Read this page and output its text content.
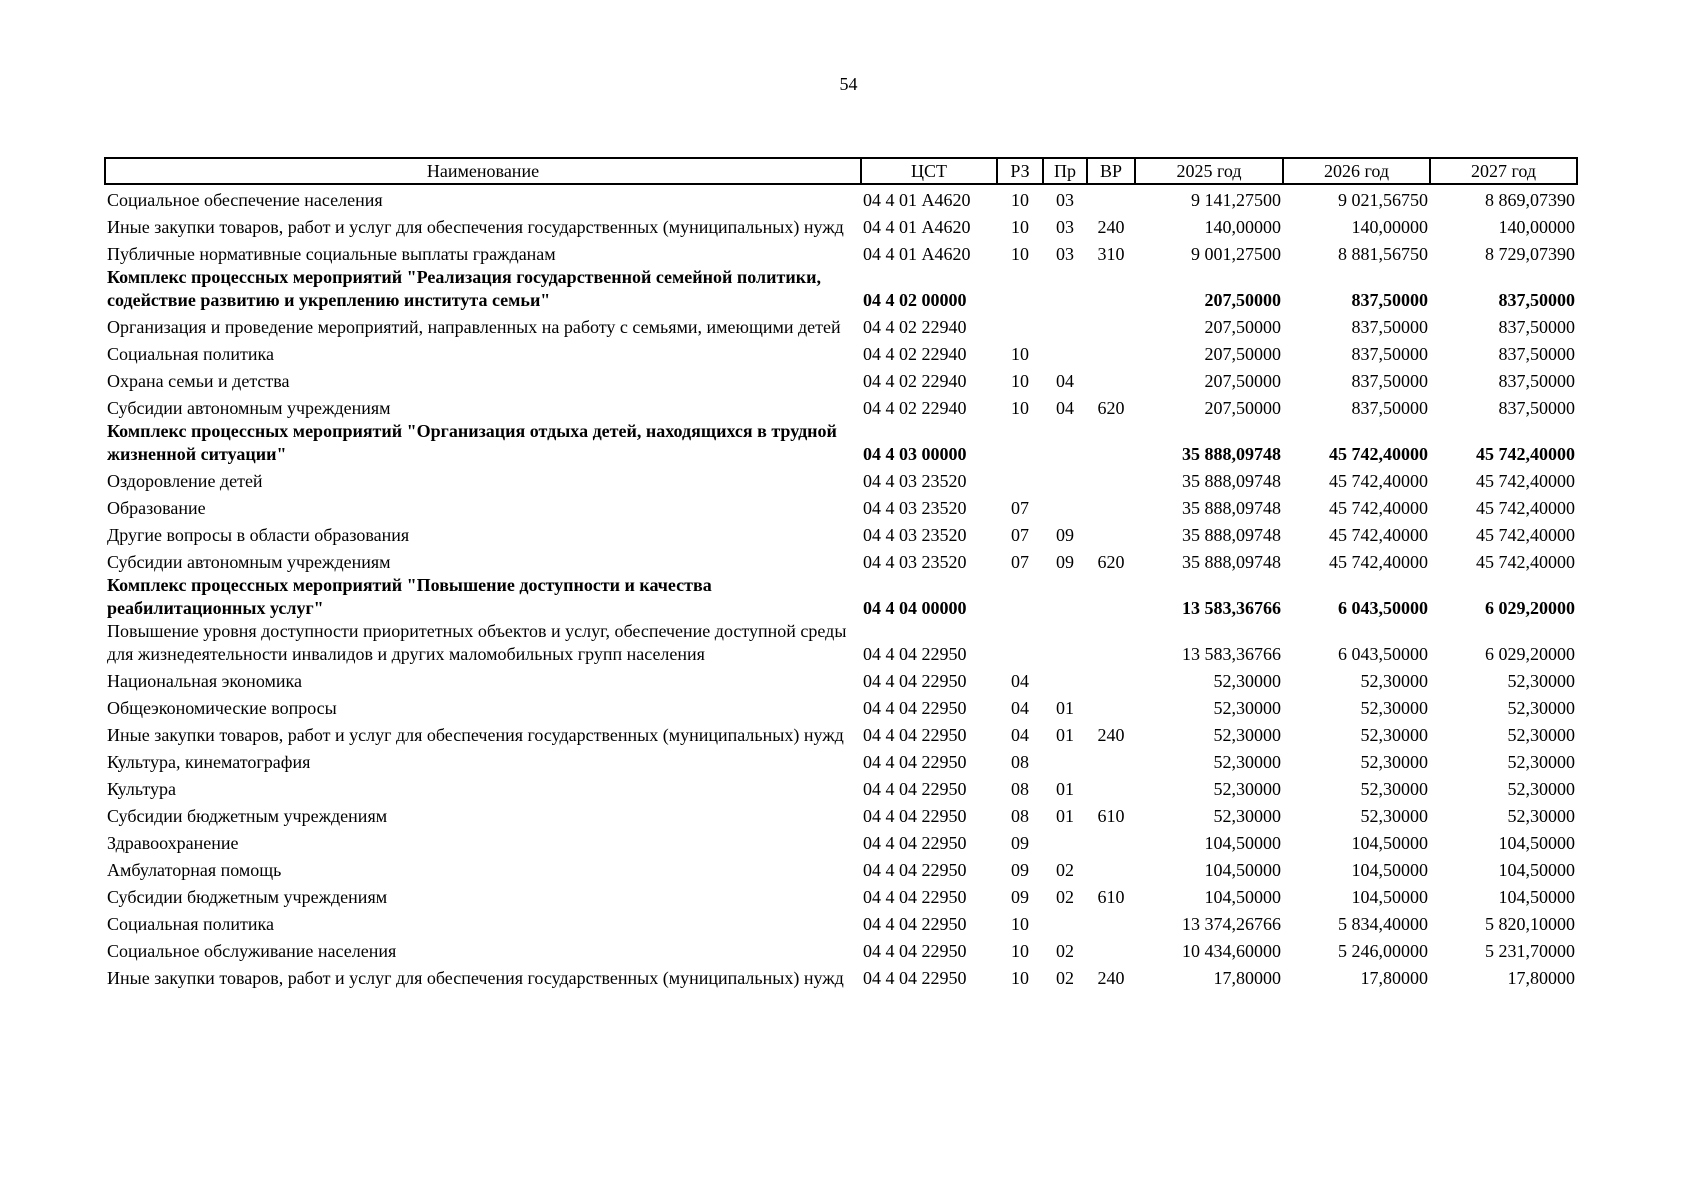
54
Наименование	ЦСТ	РЗ	Пр	ВР	2025 год	2026 год	2027 год
Социальное обеспечение населения	04 4 01 А4620	10	03		9 141,27500	9 021,56750	8 869,07390
Иные закупки товаров, работ и услуг для обеспечения государственных (муниципальных) нужд	04 4 01 А4620	10	03	240	140,00000	140,00000	140,00000
Публичные нормативные социальные выплаты гражданам	04 4 01 А4620	10	03	310	9 001,27500	8 881,56750	8 729,07390
Комплекс процессных мероприятий "Реализация государственной семейной политики, содействие развитию и укреплению института семьи"	04 4 02 00000				207,50000	837,50000	837,50000
Организация и проведение мероприятий, направленных на работу с семьями, имеющими детей	04 4 02 22940				207,50000	837,50000	837,50000
Социальная политика	04 4 02 22940	10			207,50000	837,50000	837,50000
Охрана семьи и детства	04 4 02 22940	10	04		207,50000	837,50000	837,50000
Субсидии автономным учреждениям	04 4 02 22940	10	04	620	207,50000	837,50000	837,50000
Комплекс процессных мероприятий "Организация отдыха детей, находящихся в трудной жизненной ситуации"	04 4 03 00000				35 888,09748	45 742,40000	45 742,40000
Оздоровление детей	04 4 03 23520				35 888,09748	45 742,40000	45 742,40000
Образование	04 4 03 23520	07			35 888,09748	45 742,40000	45 742,40000
Другие вопросы в области образования	04 4 03 23520	07	09		35 888,09748	45 742,40000	45 742,40000
Субсидии автономным учреждениям	04 4 03 23520	07	09	620	35 888,09748	45 742,40000	45 742,40000
Комплекс процессных мероприятий "Повышение доступности и качества реабилитационных услуг"	04 4 04 00000				13 583,36766	6 043,50000	6 029,20000
Повышение уровня доступности приоритетных объектов и услуг, обеспечение доступной среды для жизнедеятельности инвалидов и других маломобильных групп населения	04 4 04 22950				13 583,36766	6 043,50000	6 029,20000
Национальная экономика	04 4 04 22950	04			52,30000	52,30000	52,30000
Общеэкономические вопросы	04 4 04 22950	04	01		52,30000	52,30000	52,30000
Иные закупки товаров, работ и услуг для обеспечения государственных (муниципальных) нужд	04 4 04 22950	04	01	240	52,30000	52,30000	52,30000
Культура, кинематография	04 4 04 22950	08			52,30000	52,30000	52,30000
Культура	04 4 04 22950	08	01		52,30000	52,30000	52,30000
Субсидии бюджетным учреждениям	04 4 04 22950	08	01	610	52,30000	52,30000	52,30000
Здравоохранение	04 4 04 22950	09			104,50000	104,50000	104,50000
Амбулаторная помощь	04 4 04 22950	09	02		104,50000	104,50000	104,50000
Субсидии бюджетным учреждениям	04 4 04 22950	09	02	610	104,50000	104,50000	104,50000
Социальная политика	04 4 04 22950	10			13 374,26766	5 834,40000	5 820,10000
Социальное обслуживание населения	04 4 04 22950	10	02		10 434,60000	5 246,00000	5 231,70000
Иные закупки товаров, работ и услуг для обеспечения государственных (муниципальных) нужд	04 4 04 22950	10	02	240	17,80000	17,80000	17,80000
